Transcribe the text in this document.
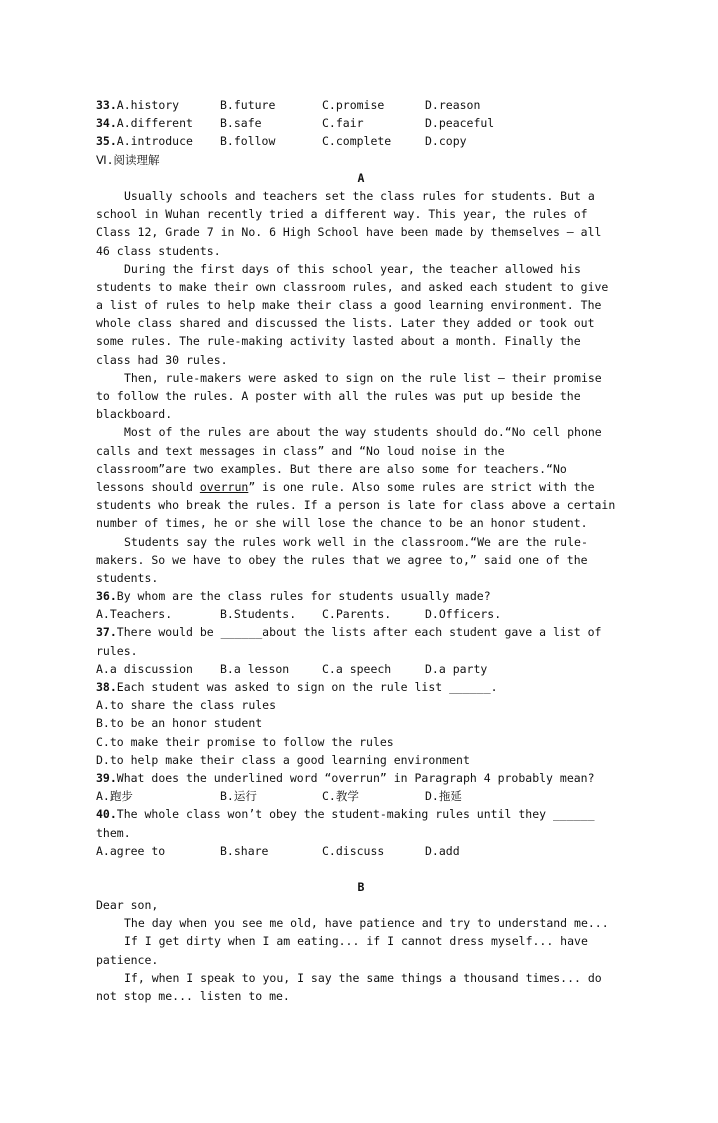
33.A.history	B.future	C.promise	D.reason
34.A.different	B.safe	C.fair	D.peaceful
35.A.introduce	B.follow	C.complete	D.copy
Ⅵ.阅读理解
A
Usually schools and teachers set the class rules for students. But a
school in Wuhan recently tried a different way. This year, the rules of
Class 12, Grade 7 in No. 6 High School have been made by themselves — all
46 class students.
During the first days of this school year, the teacher allowed his
students to make their own classroom rules, and asked each student to give
a list of rules to help make their class a good learning environment. The
whole class shared and discussed the lists. Later they added or took out
some rules. The rule-making activity lasted about a month. Finally the
class had 30 rules.
Then, rule-makers were asked to sign on the rule list — their promise
to follow the rules. A poster with all the rules was put up beside the
blackboard.
Most of the rules are about the way students should do.“No cell phone
calls and text messages in class” and “No loud noise in the
classroom”are two examples. But there are also some for teachers.“No
lessons should overrun” is one rule. Also some rules are strict with the
students who break the rules. If a person is late for class above a certain
number of times, he or she will lose the chance to be an honor student.
Students say the rules work well in the classroom.“We are the rule-
makers. So we have to obey the rules that we agree to,” said one of the
students.
36.By whom are the class rules for students usually made?
A.Teachers.	B.Students.	C.Parents.	D.Officers.
37.There would be ______about the lists after each student gave a list of
rules.
A.a discussion	B.a lesson	C.a speech	D.a party
38.Each student was asked to sign on the rule list ______.
A.to share the class rules
B.to be an honor student
C.to make their promise to follow the rules
D.to help make their class a good learning environment
39.What does the underlined word “overrun” in Paragraph 4 probably mean?
A.跑步	B.运行	C.教学	D.拖延
40.The whole class won’t obey the student-making rules until they ______
them.
A.agree to	B.share	C.discuss	D.add
B
Dear son,
The day when you see me old, have patience and try to understand me...
If I get dirty when I am eating... if I cannot dress myself... have
patience.
If, when I speak to you, I say the same things a thousand times... do
not stop me... listen to me.
